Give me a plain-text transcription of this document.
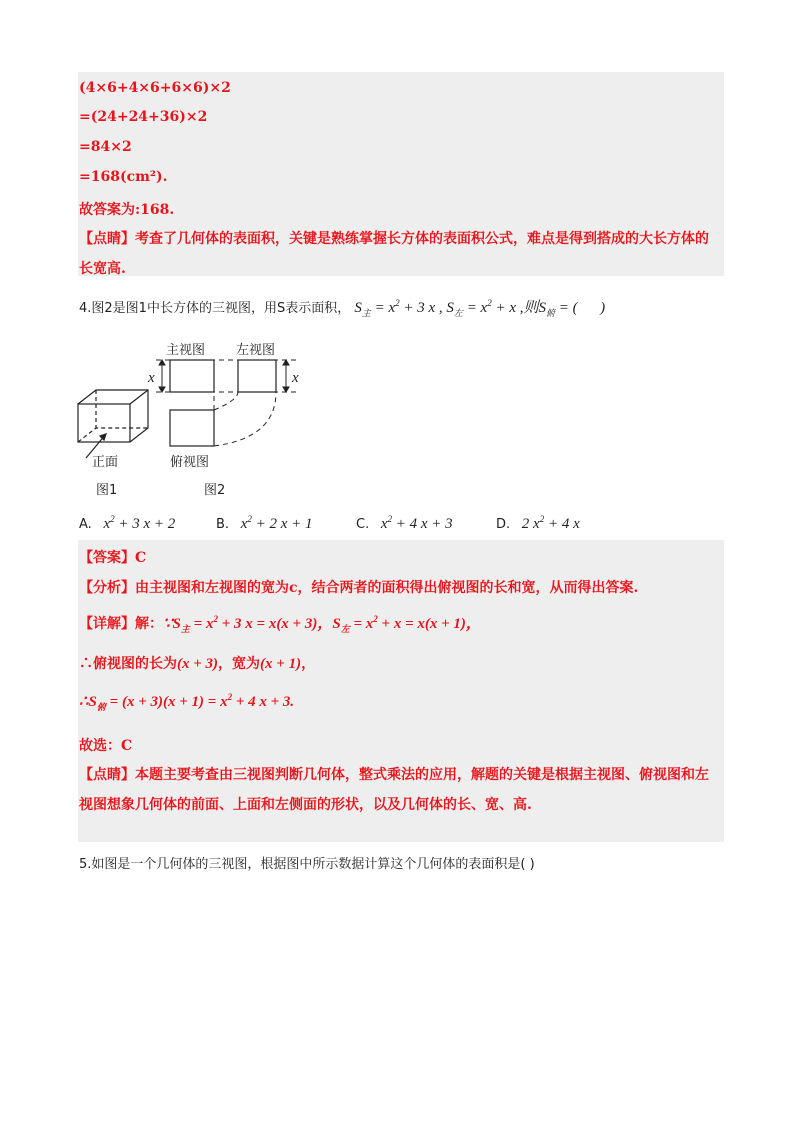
(4×6+4×6+6×6)×2
=(24+24+36)×2
=84×2
=168(cm²).
故答案为:168.
【点睛】考查了几何体的表面积，关键是熟练掌握长方体的表面积公式，难点是得到搭成的大长方体的
长宽高.
4.图2是图1中长方体的三视图，用S表示面积， $S_主 = x^2 + 3$ x , $S_左 = x^2 + x$ ,则$S_俯$ = (      )
主视图 左视图
俯视图
正面
图1	图2
x	x
A.   $x^2 + 3$ x + 2	B.   $x^2 + 2$ x + 1	C.   $x^2 + 4$ x + 3	D.   2 $x^2 + 4$ x
【答案】C
【分析】由主视图和左视图的宽为c，结合两者的面积得出俯视图的长和宽，从而得出答案.
【详解】解：$\because S_主 = x^2 + 3$ x = x(x + 3)，$S_左 = x^2 + x = x(x + 1)$，
∴俯视图的长为(x + 3)，宽为(x + 1)，
$\therefore S_俯 = (x + 3)(x + 1) = x^2 + 4$ x + 3.
故选：C
【点睛】本题主要考查由三视图判断几何体，整式乘法的应用，解题的关键是根据主视图、俯视图和左
视图想象几何体的前面、上面和左侧面的形状，以及几何体的长、宽、高.
5.如图是一个几何体的三视图，根据图中所示数据计算这个几何体的表面积是( )
